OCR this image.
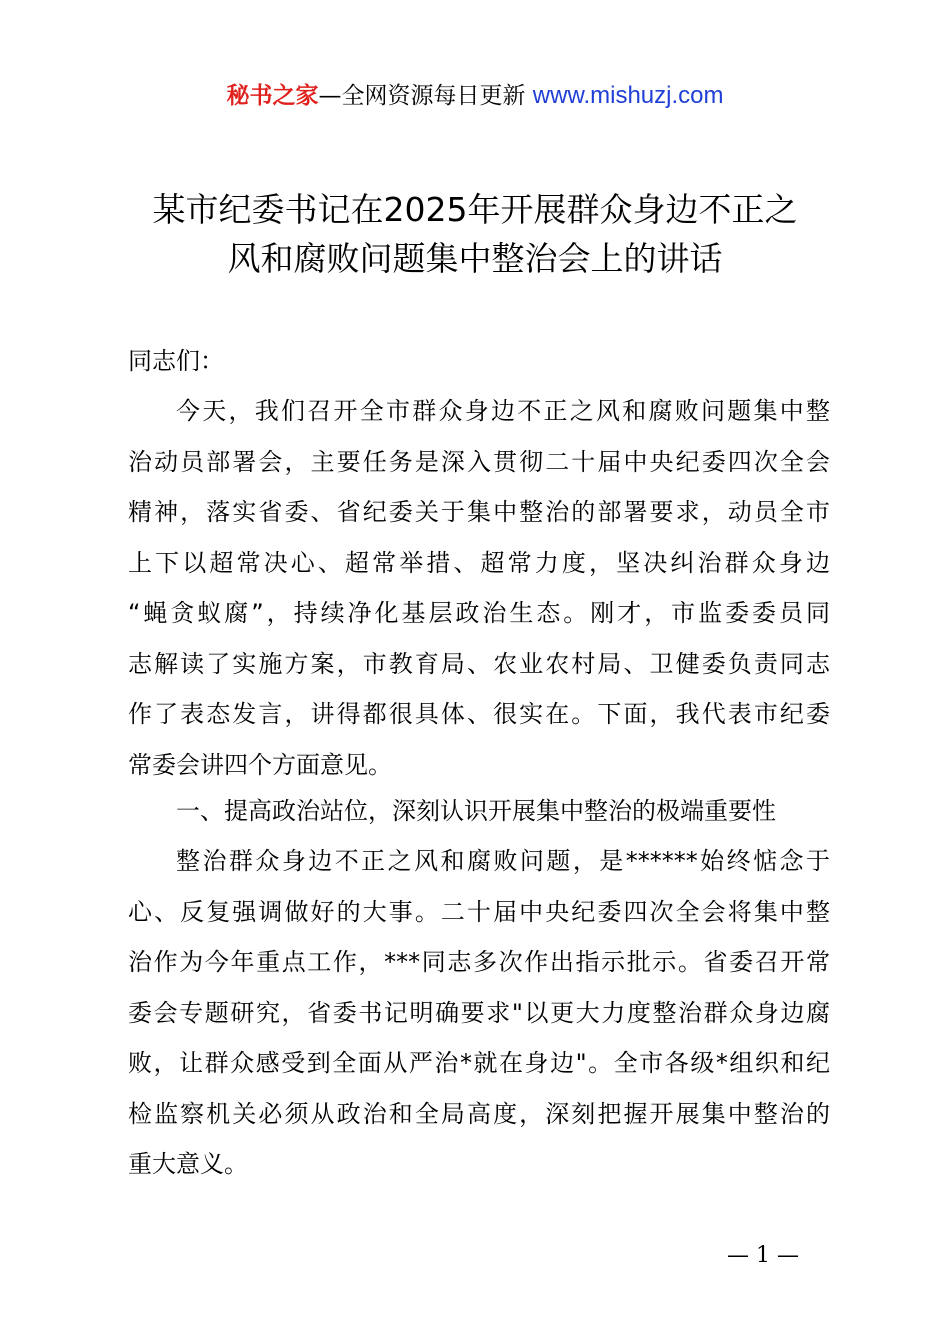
秘书之家—全网资源每日更新 www.mishuzj.com
某市纪委书记在2025年开展群众身边不正之
风和腐败问题集中整治会上的讲话
同志们：
今天，我们召开全市群众身边不正之风和腐败问题集中整
治动员部署会，主要任务是深入贯彻二十届中央纪委四次全会
精神，落实省委、省纪委关于集中整治的部署要求，动员全市
上下以超常决心、超常举措、超常力度，坚决纠治群众身边
“蝇贪蚁腐”，持续净化基层政治生态。刚才，市监委委员同
志解读了实施方案，市教育局、农业农村局、卫健委负责同志
作了表态发言，讲得都很具体、很实在。下面，我代表市纪委
常委会讲四个方面意见。
一、提高政治站位，深刻认识开展集中整治的极端重要性
整治群众身边不正之风和腐败问题，是******始终惦念于
心、反复强调做好的大事。二十届中央纪委四次全会将集中整
治作为今年重点工作，***同志多次作出指示批示。省委召开常
委会专题研究，省委书记明确要求"以更大力度整治群众身边腐
败，让群众感受到全面从严治*就在身边"。全市各级*组织和纪
检监察机关必须从政治和全局高度，深刻把握开展集中整治的
重大意义。
— 1 —
